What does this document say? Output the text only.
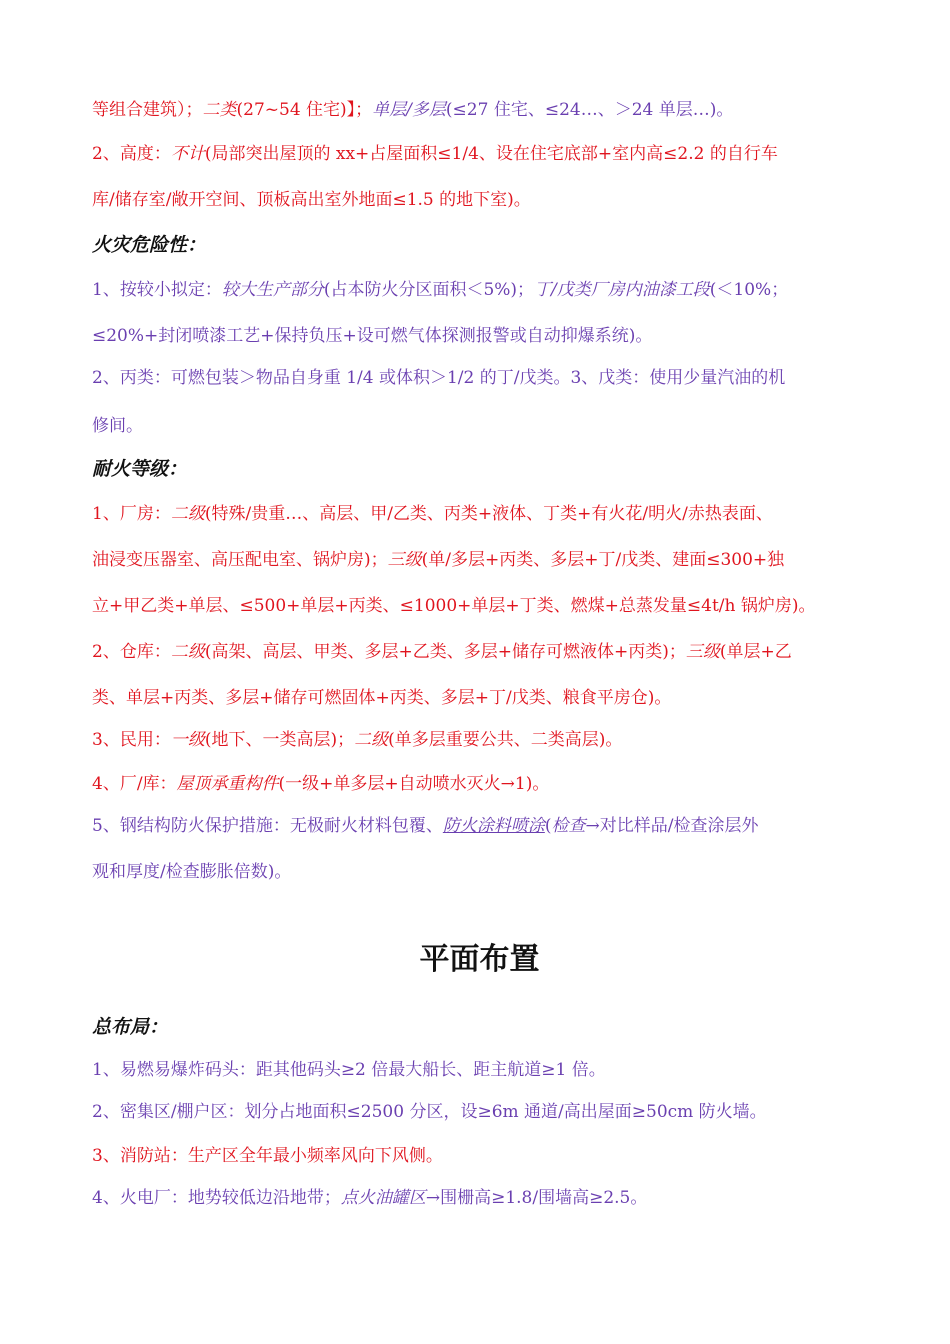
等组合建筑）；二类(27~54 住宅)】；单层/多层(≤27 住宅、≤24…、＞24 单层…)。
2、高度：不计(局部突出屋顶的 xx+占屋面积≤1/4、设在住宅底部+室内高≤2.2 的自行车
库/储存室/敞开空间、顶板高出室外地面≤1.5 的地下室)。
火灾危险性：
1、按较小拟定：较大生产部分(占本防火分区面积＜5%)；丁/戊类厂房内油漆工段(＜10%；
≤20%+封闭喷漆工艺+保持负压+设可燃气体探测报警或自动抑爆系统)。
2、丙类：可燃包装＞物品自身重 1/4 或体积＞1/2 的丁/戊类。3、戊类：使用少量汽油的机
修间。
耐火等级：
1、厂房：二级(特殊/贵重…、高层、甲/乙类、丙类+液体、丁类+有火花/明火/赤热表面、
油浸变压器室、高压配电室、锅炉房)；三级(单/多层+丙类、多层+丁/戊类、建面≤300+独
立+甲乙类+单层、≤500+单层+丙类、≤1000+单层+丁类、燃煤+总蒸发量≤4t/h 锅炉房)。
2、仓库：二级(高架、高层、甲类、多层+乙类、多层+储存可燃液体+丙类)；三级(单层+乙
类、单层+丙类、多层+储存可燃固体+丙类、多层+丁/戊类、粮食平房仓)。
3、民用：一级(地下、一类高层)；二级(单多层重要公共、二类高层)。
4、厂/库：屋顶承重构件(一级+单多层+自动喷水灭火→1)。
5、钢结构防火保护措施：无极耐火材料包覆、防火涂料喷涂(检查→对比样品/检查涂层外
观和厚度/检查膨胀倍数)。
平面布置
总布局：
1、易燃易爆炸码头：距其他码头≥2 倍最大船长、距主航道≥1 倍。
2、密集区/棚户区：划分占地面积≤2500 分区，设≥6m 通道/高出屋面≥50cm 防火墙。
3、消防站：生产区全年最小频率风向下风侧。
4、火电厂：地势较低边沿地带；点火油罐区→围栅高≥1.8/围墙高≥2.5。
